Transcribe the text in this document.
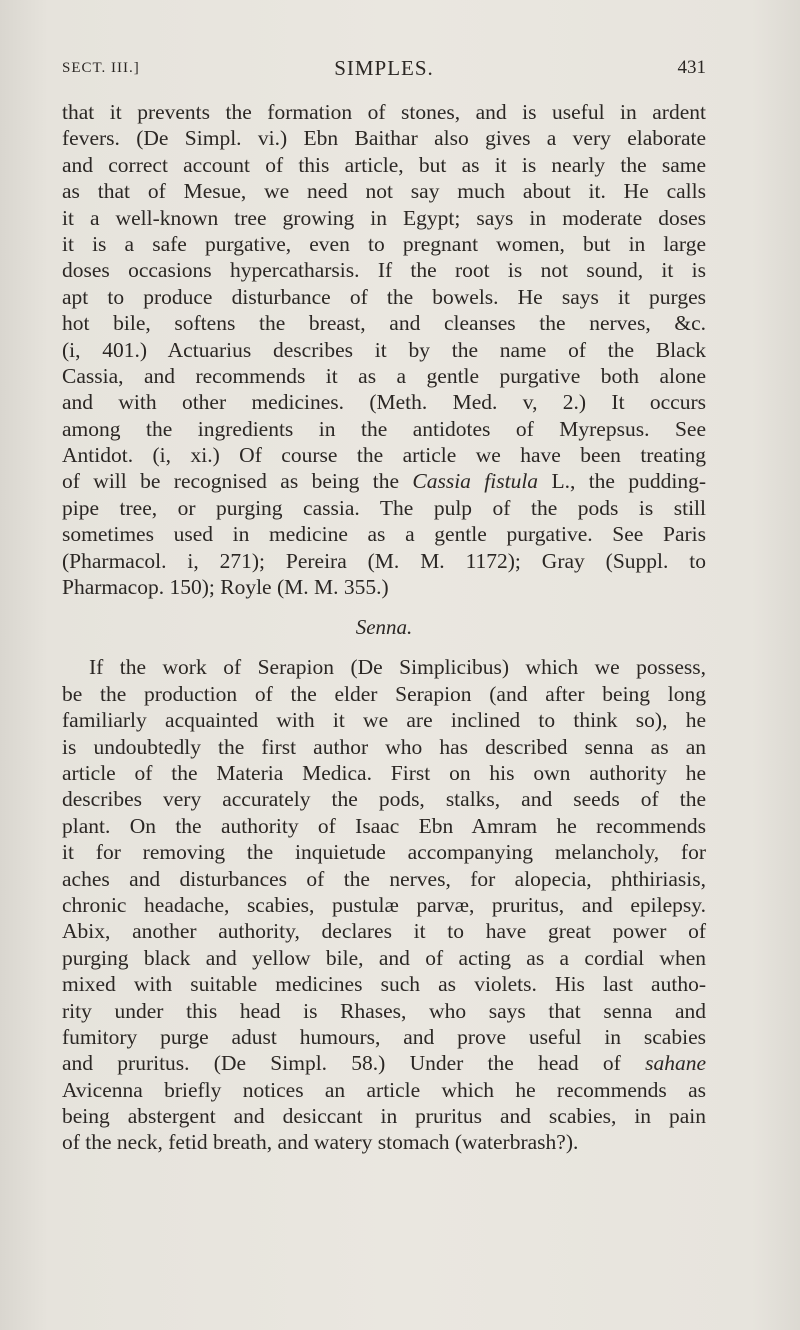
SECT. III.]	SIMPLES.	431
that it prevents the formation of stones, and is useful in ardent
fevers. (De Simpl. vi.) Ebn Baithar also gives a very elaborate
and correct account of this article, but as it is nearly the same
as that of Mesue, we need not say much about it. He calls
it a well-known tree growing in Egypt; says in moderate doses
it is a safe purgative, even to pregnant women, but in large
doses occasions hypercatharsis. If the root is not sound, it is
apt to produce disturbance of the bowels. He says it purges
hot bile, softens the breast, and cleanses the nerves, &c.
(i, 401.) Actuarius describes it by the name of the Black
Cassia, and recommends it as a gentle purgative both alone
and with other medicines. (Meth. Med. v, 2.) It occurs
among the ingredients in the antidotes of Myrepsus. See
Antidot. (i, xi.) Of course the article we have been treating
of will be recognised as being the Cassia fistula L., the pudding-
pipe tree, or purging cassia. The pulp of the pods is still
sometimes used in medicine as a gentle purgative. See Paris
(Pharmacol. i, 271); Pereira (M. M. 1172); Gray (Suppl. to
Pharmacop. 150); Royle (M. M. 355.)
Senna.
If the work of Serapion (De Simplicibus) which we possess,
be the production of the elder Serapion (and after being long
familiarly acquainted with it we are inclined to think so), he
is undoubtedly the first author who has described senna as an
article of the Materia Medica. First on his own authority he
describes very accurately the pods, stalks, and seeds of the
plant. On the authority of Isaac Ebn Amram he recommends
it for removing the inquietude accompanying melancholy, for
aches and disturbances of the nerves, for alopecia, phthiriasis,
chronic headache, scabies, pustulæ parvæ, pruritus, and epilepsy.
Abix, another authority, declares it to have great power of
purging black and yellow bile, and of acting as a cordial when
mixed with suitable medicines such as violets. His last autho-
rity under this head is Rhases, who says that senna and
fumitory purge adust humours, and prove useful in scabies
and pruritus. (De Simpl. 58.) Under the head of sahane
Avicenna briefly notices an article which he recommends as
being abstergent and desiccant in pruritus and scabies, in pain
of the neck, fetid breath, and watery stomach (waterbrash?).
